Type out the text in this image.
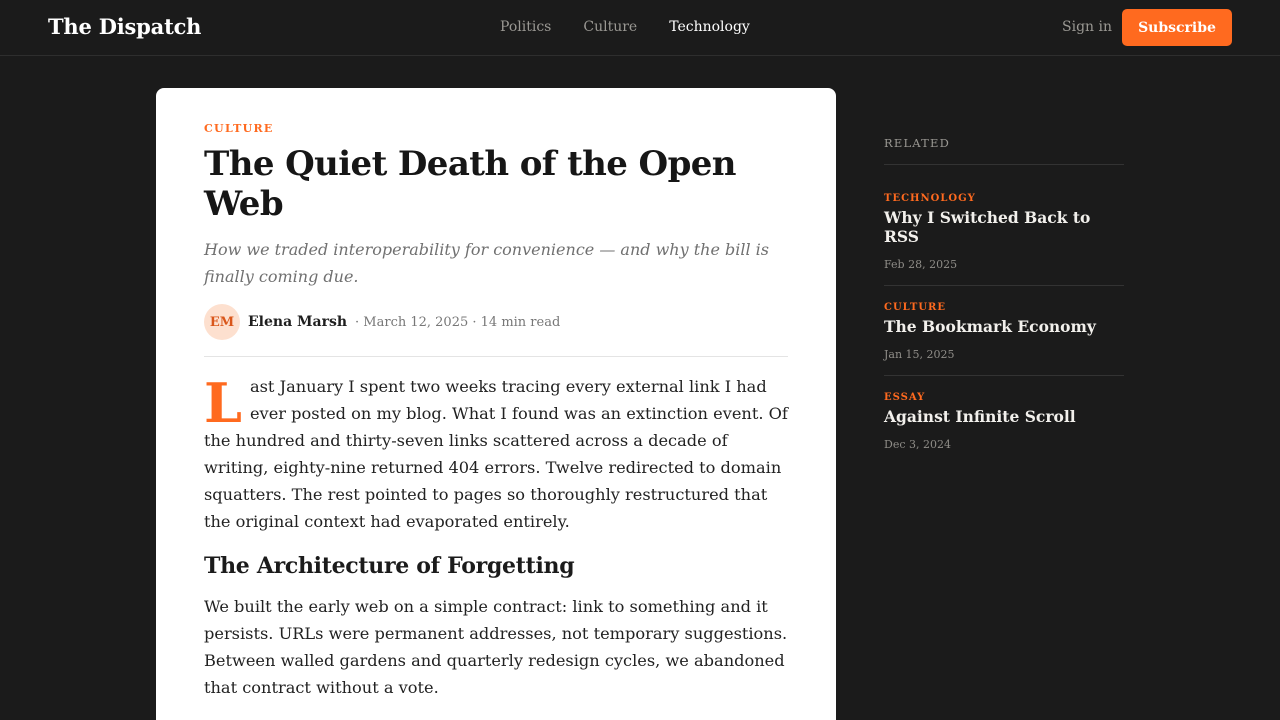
The Dispatch	Politics Culture Technology	Sign in	Subscribe
CULTURE
The Quiet Death of the Open Web

How we traded interoperability for convenience — and why the bill is finally coming due.

EM Elena Marsh · March 12, 2025 · 14 min read

Last January I spent two weeks tracing every external link I had ever posted on my blog. What I found was an extinction event. Of the hundred and thirty-seven links scattered across a decade of writing, eighty-nine returned 404 errors. Twelve redirected to domain squatters. The rest pointed to pages so thoroughly restructured that the original context had evaporated entirely.

The Architecture of Forgetting

We built the early web on a simple contract: link to something and it persists. URLs were permanent addresses, not temporary suggestions. Between walled gardens and quarterly redesign cycles, we abandoned that contract without a vote.

RELATED
TECHNOLOGY
Why I Switched Back to RSS
Feb 28, 2025
CULTURE
The Bookmark Economy
Jan 15, 2025
ESSAY
Against Infinite Scroll
Dec 3, 2024
